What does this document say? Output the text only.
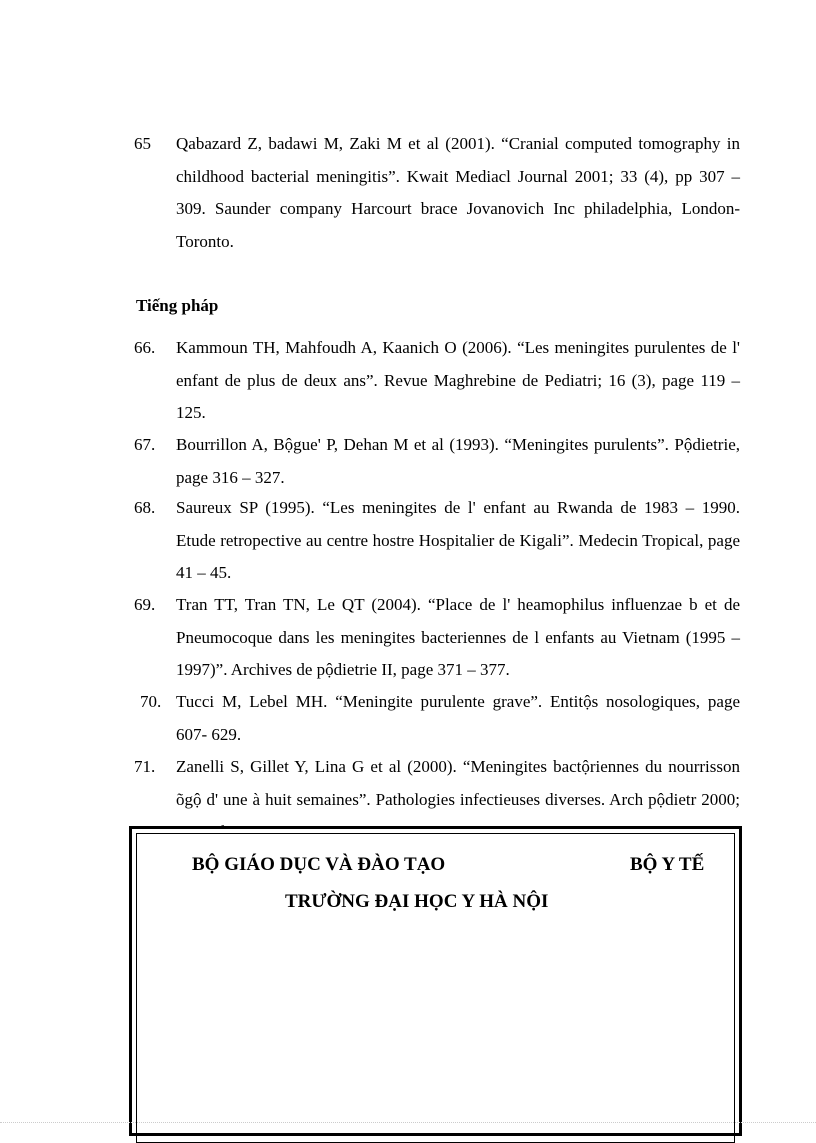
65 Qabazard Z, badawi M, Zaki M et al (2001). “Cranial computed tomography in childhood bacterial meningitis”. Kwait Mediacl Journal 2001; 33 (4), pp 307 – 309. Saunder company Harcourt brace Jovanovich Inc philadelphia, London- Toronto.
Tiếng pháp
66. Kammoun TH, Mahfoudh A, Kaanich O (2006). “Les meningites purulentes de l' enfant de plus de deux ans”. Revue Maghrebine de Pediatri; 16 (3), page 119 – 125.
67. Bourrillon A, Bộgue' P, Dehan M et al (1993). “Meningites purulents”. Pộdietrie, page 316 – 327.
68. Saureux SP (1995). “Les meningites de l' enfant au Rwanda de 1983 – 1990. Etude retropective au centre hostre Hospitalier de Kigali”. Medecin Tropical, page 41 – 45.
69. Tran TT, Tran TN, Le QT (2004). “Place de l' heamophilus influenzae b et de Pneumocoque dans les meningites bacteriennes de l enfants au Vietnam (1995 – 1997)”. Archives de pộdietrie II, page 371 – 377.
70. Tucci M, Lebel MH. “Meningite purulente grave”. Entitộs nosologiques, page 607- 629.
71. Zanelli S, Gillet Y, Lina G et al (2000). “Meningites bactộriennes du nourrisson õgộ d' une à huit semaines”. Pathologies infectieuses diverses. Arch pộdietr 2000;
BỘ GIÁO DỤC VÀ ĐÀO TẠO	BỘ Y TẾ
TRƯỜNG ĐẠI HỌC Y HÀ NỘI
